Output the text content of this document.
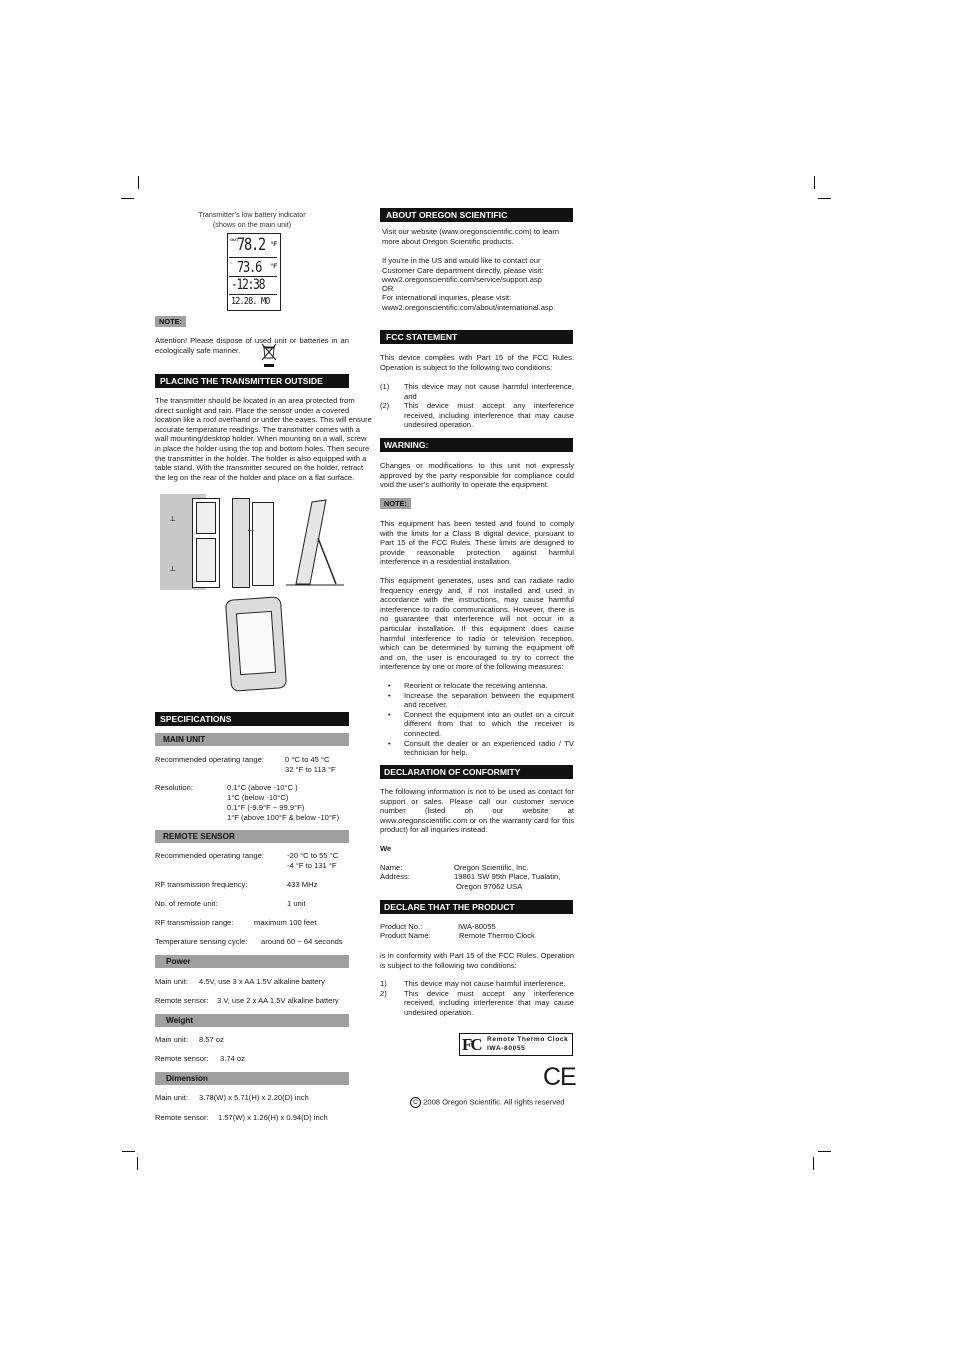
Transmitter’s low battery indicator
(shows on the main unit)
OUT
78.2 °F
⌂ 73.6 °F
-12:38
12.28. MO
NOTE:
Attention! Please dispose of used unit or batteries in an ecologically safe manner.
PLACING THE TRANSMITTER OUTSIDE
The transmitter should be located in an area protected from direct sunlight and rain. Place the sensor under a covered location like a roof overhand or under the eaves. This will ensure accurate temperature readings. The transmitter comes with a wall mounting/desktop holder. When mounting on a wall, screw in place the holder using the top and bottom holes. Then secure the transmitter in the holder. The holder is also equipped with a table stand. With the transmitter secured on the holder, retract the leg on the rear of the holder and place on a flat surface.
⟂
⟂
←
SPECIFICATIONS
MAIN UNIT
Recommended operating range:	0 °C to 45 °C
32 °F to 113 °F
Resolution:	0.1°C (above -10°C )
1°C (below -10°C)
0.1°F (-9.9°F ~ 99.9°F)
1°F (above 100°F & below -10°F)
REMOTE SENSOR
Recommended operating range:	-20 °C to 55 °C
-4 °F to 131 °F
RF transmission frequency:	433 MHz
No. of remote unit:	1 unit
RF transmission range:	maximum 100 feet
Temperature sensing cycle: around 60 ~ 64 seconds
Power
Main unit: 4.5V, use 3 x AA 1.5V alkaline battery
Remote sensor: 3 V, use 2 x AA 1.5V alkaline battery
Weight
Main unit: 8.57 oz
Remote sensor: 3.74 oz
Dimension
Main unit: 3.78(W) x 5.71(H) x 2.20(D) inch
Remote sensor: 1.57(W) x 1.26(H) x 0.94(D) inch
ABOUT OREGON SCIENTIFIC
Visit our website (www.oregonscientific.com) to learn more about Oregon Scientific products.
If you're in the US and would like to contact our Customer Care department directly, please visit:
www2.oregonscientific.com/service/support.asp
OR
For international inquiries, please visit:
www2.oregonscientific.com/about/international.asp.
FCC STATEMENT
This device complies with Part 15 of the FCC Rules. Operation is subject to the following two conditions:
(1) This device may not cause harmful interference, and
(2) This device must accept any interference received, including interference that may cause undesired operation.
WARNING:
Changes or modifications to this unit not expressly approved by the party responsible for compliance could void the user’s authority to operate the equipment.
NOTE:
This equipment has been tested and found to comply with the limits for a Class B digital device, pursuant to Part 15 of the FCC Rules. These limits are designed to provide reasonable protection against harmful interference in a residential installation.
This equipment generates, uses and can radiate radio frequency energy and, if not installed and used in accordance with the instructions, may cause harmful interference to radio communications. However, there is no guarantee that interference will not occur in a particular installation. If this equipment does cause harmful interference to radio or television reception, which can be determined by turning the equipment off and on, the user is encouraged to try to correct the interference by one or more of the following measures:
• Reorient or relocate the receiving antenna.
• Increase the separation between the equipment and receiver.
• Connect the equipment into an outlet on a circuit different from that to which the receiver is connected.
• Consult the dealer or an experienced radio / TV technician for help.
DECLARATION OF CONFORMITY
The following information is not to be used as contact for support or sales. Please call our customer service number (listed on our website at www.oregonscientific.com or on the warranty card for this product) for all inquiries instead.
We
Name:	Oregon Scientific, Inc.
Address:	19861 SW 95th Place, Tualatin,
Oregon 97062 USA
DECLARE THAT THE PRODUCT
Product No.:	IWA-80055
Product Name:	Remote Thermo Clock
is in conformity with Part 15 of the FCC Rules. Operation is subject to the following two conditions:
1) This device may not cause harmful interference.
2) This device must accept any interference received, including interference that may cause undesired operation.
FC Remote Thermo Clock
IWA-80055
CE
C 2008 Oregon Scientific. All rights reserved
